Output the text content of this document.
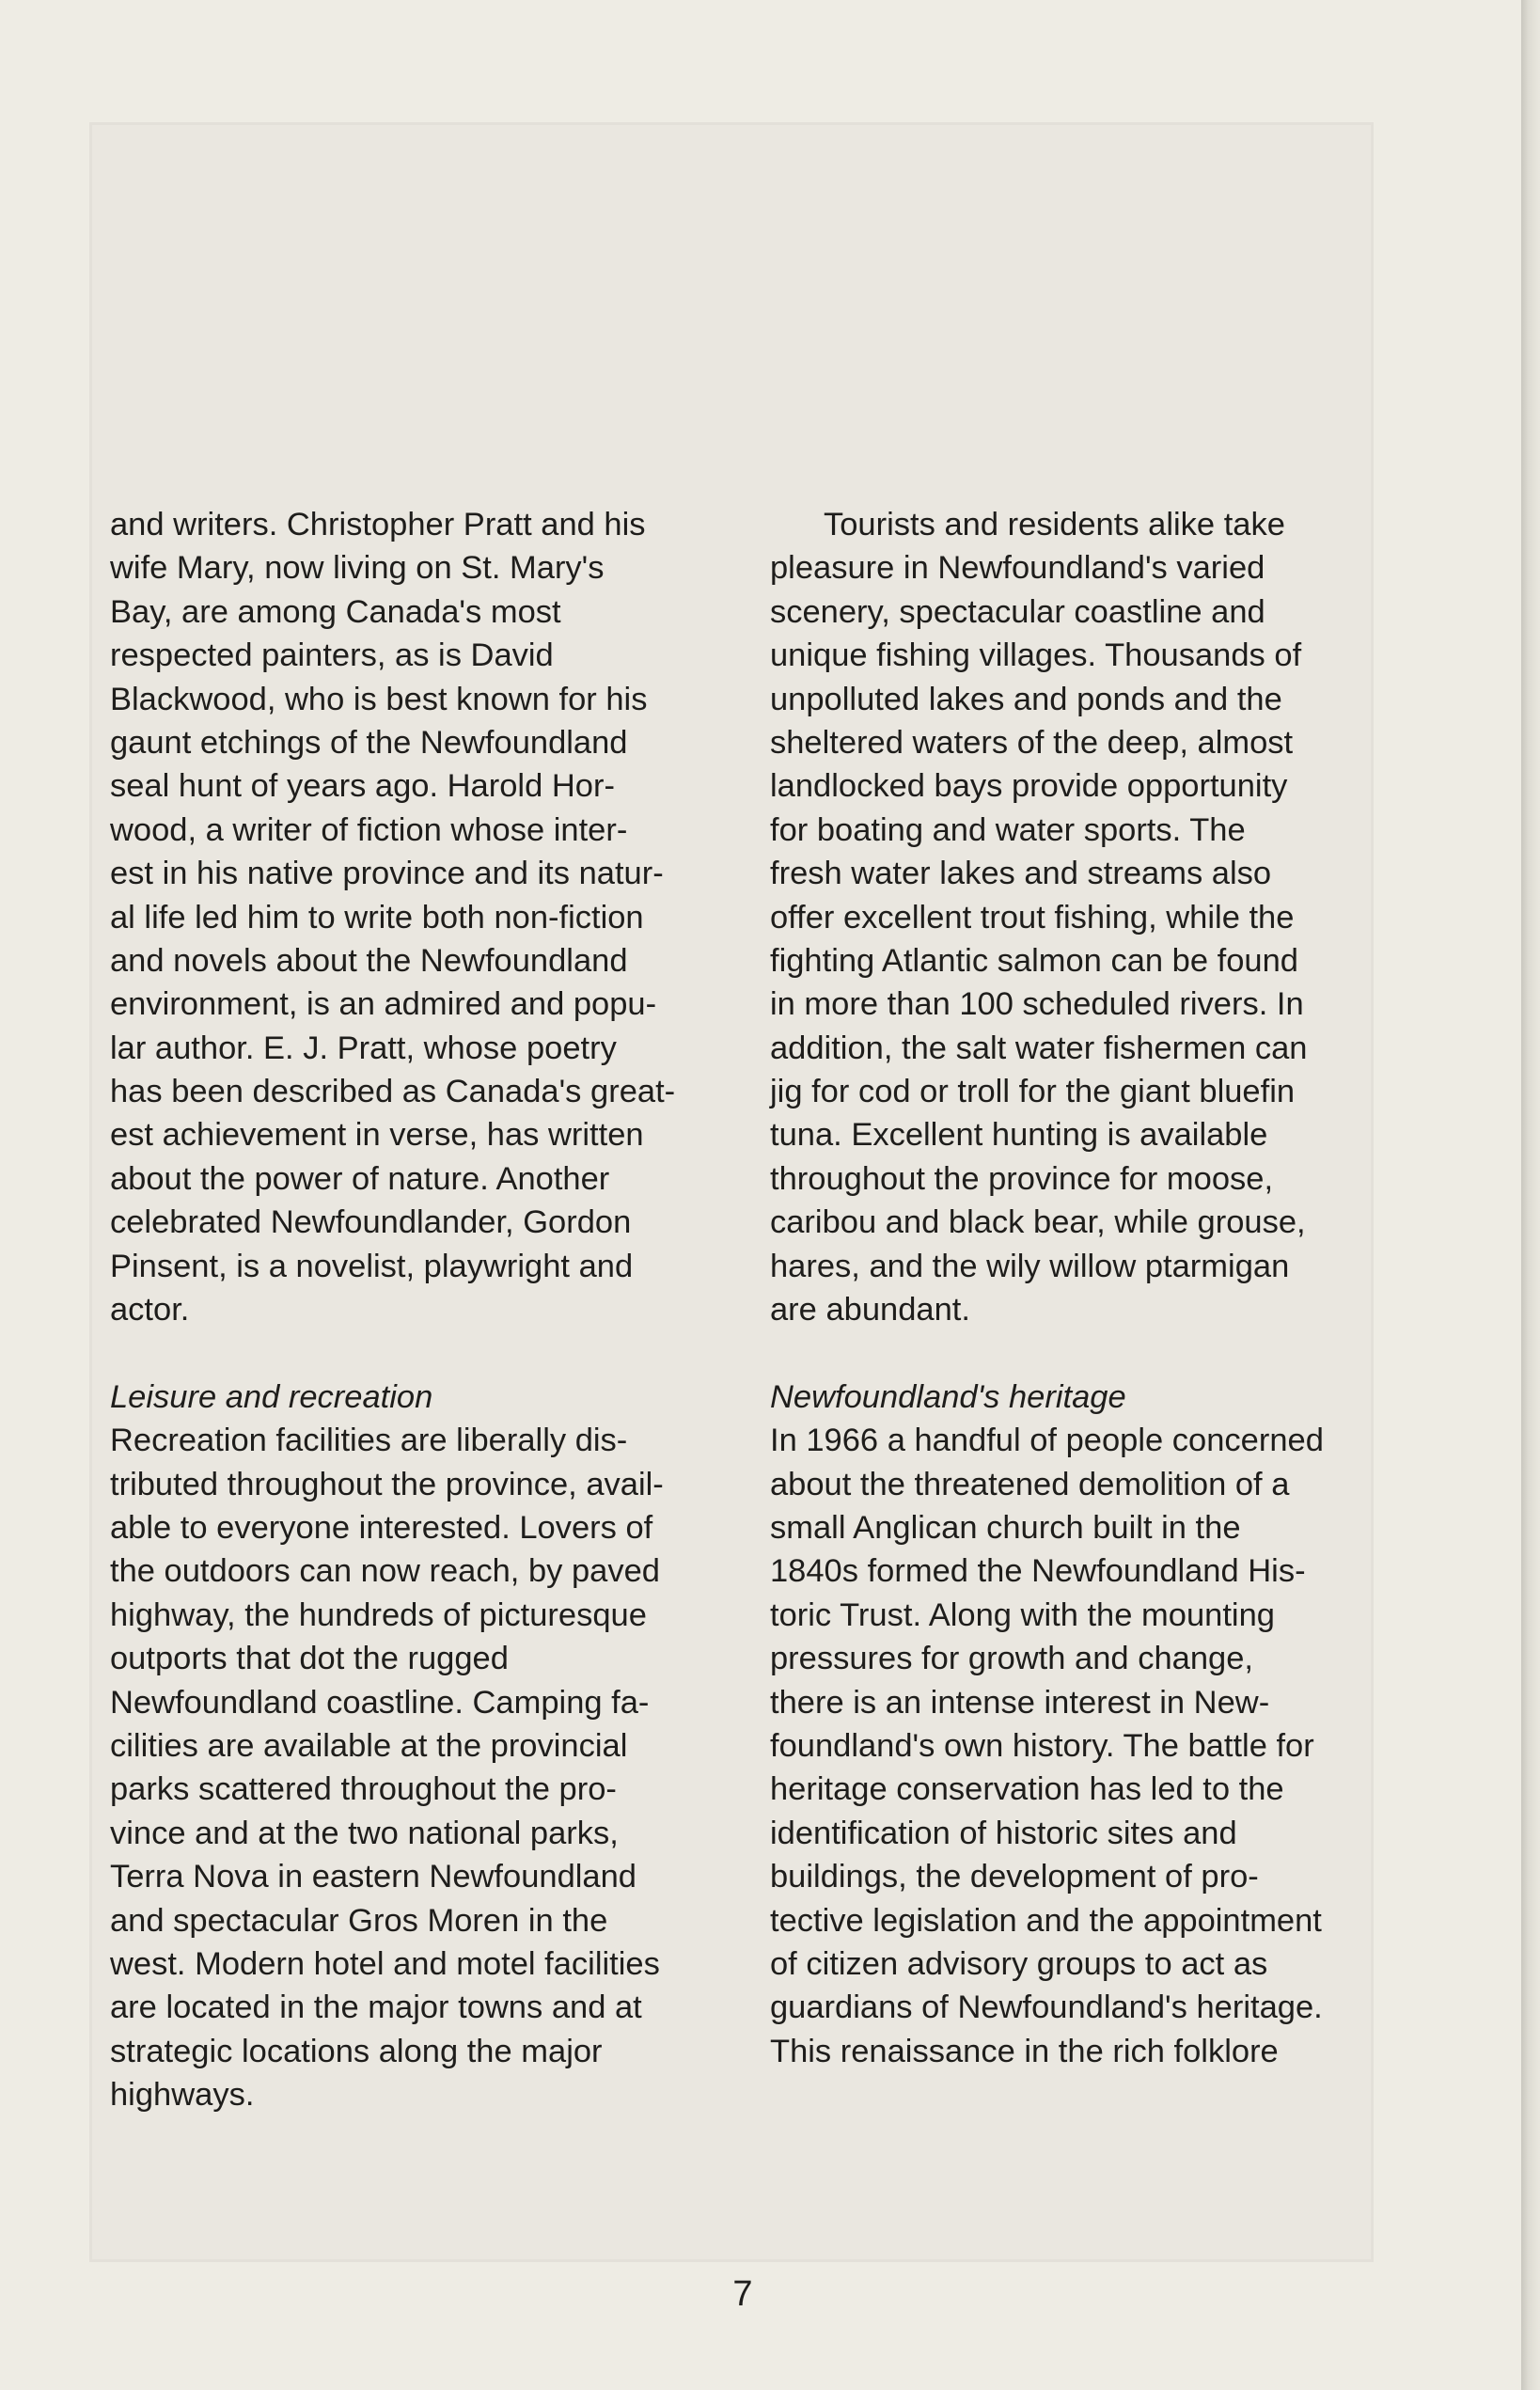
and writers. Christopher Pratt and his
wife Mary, now living on St. Mary's
Bay, are among Canada's most
respected painters, as is David
Blackwood, who is best known for his
gaunt etchings of the Newfoundland
seal hunt of years ago. Harold Hor-
wood, a writer of fiction whose inter-
est in his native province and its natur-
al life led him to write both non-fiction
and novels about the Newfoundland
environment, is an admired and popu-
lar author. E. J. Pratt, whose poetry
has been described as Canada's great-
est achievement in verse, has written
about the power of nature. Another
celebrated Newfoundlander, Gordon
Pinsent, is a novelist, playwright and
actor.
Leisure and recreation
Recreation facilities are liberally dis-
tributed throughout the province, avail-
able to everyone interested. Lovers of
the outdoors can now reach, by paved
highway, the hundreds of picturesque
outports that dot the rugged
Newfoundland coastline. Camping fa-
cilities are available at the provincial
parks scattered throughout the pro-
vince and at the two national parks,
Terra Nova in eastern Newfoundland
and spectacular Gros Moren in the
west. Modern hotel and motel facilities
are located in the major towns and at
strategic locations along the major
highways.
Tourists and residents alike take
pleasure in Newfoundland's varied
scenery, spectacular coastline and
unique fishing villages. Thousands of
unpolluted lakes and ponds and the
sheltered waters of the deep, almost
landlocked bays provide opportunity
for boating and water sports. The
fresh water lakes and streams also
offer excellent trout fishing, while the
fighting Atlantic salmon can be found
in more than 100 scheduled rivers. In
addition, the salt water fishermen can
jig for cod or troll for the giant bluefin
tuna. Excellent hunting is available
throughout the province for moose,
caribou and black bear, while grouse,
hares, and the wily willow ptarmigan
are abundant.
Newfoundland's heritage
In 1966 a handful of people concerned
about the threatened demolition of a
small Anglican church built in the
1840s formed the Newfoundland His-
toric Trust. Along with the mounting
pressures for growth and change,
there is an intense interest in New-
foundland's own history. The battle for
heritage conservation has led to the
identification of historic sites and
buildings, the development of pro-
tective legislation and the appointment
of citizen advisory groups to act as
guardians of Newfoundland's heritage.
This renaissance in the rich folklore
7
